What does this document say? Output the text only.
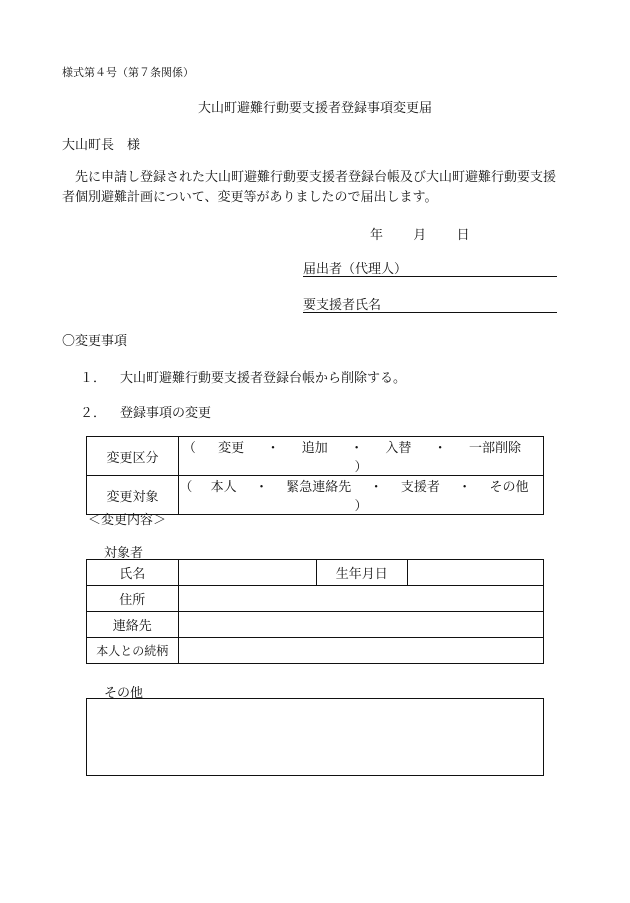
様式第４号（第７条関係）
大山町避難行動要支援者登録事項変更届
大山町長　様
先に申請し登録された大山町避難行動要支援者登録台帳及び大山町避難行動要支援者個別避難計画について、変更等がありましたので届出します。
年 月 日
届出者（代理人）
要支援者氏名
〇変更事項
１． 大山町避難行動要支援者登録台帳から削除する。
２． 登録事項の変更
変更区分	（ 変更 ・ 追加 ・ 入替 ・ 一部削除  ）
変更対象	（ 本人 ・ 緊急連絡先 ・ 支援者 ・ その他  ）
＜変更内容＞
対象者
氏名		生年月日	
住所			
連絡先			
本人との続柄			
その他
